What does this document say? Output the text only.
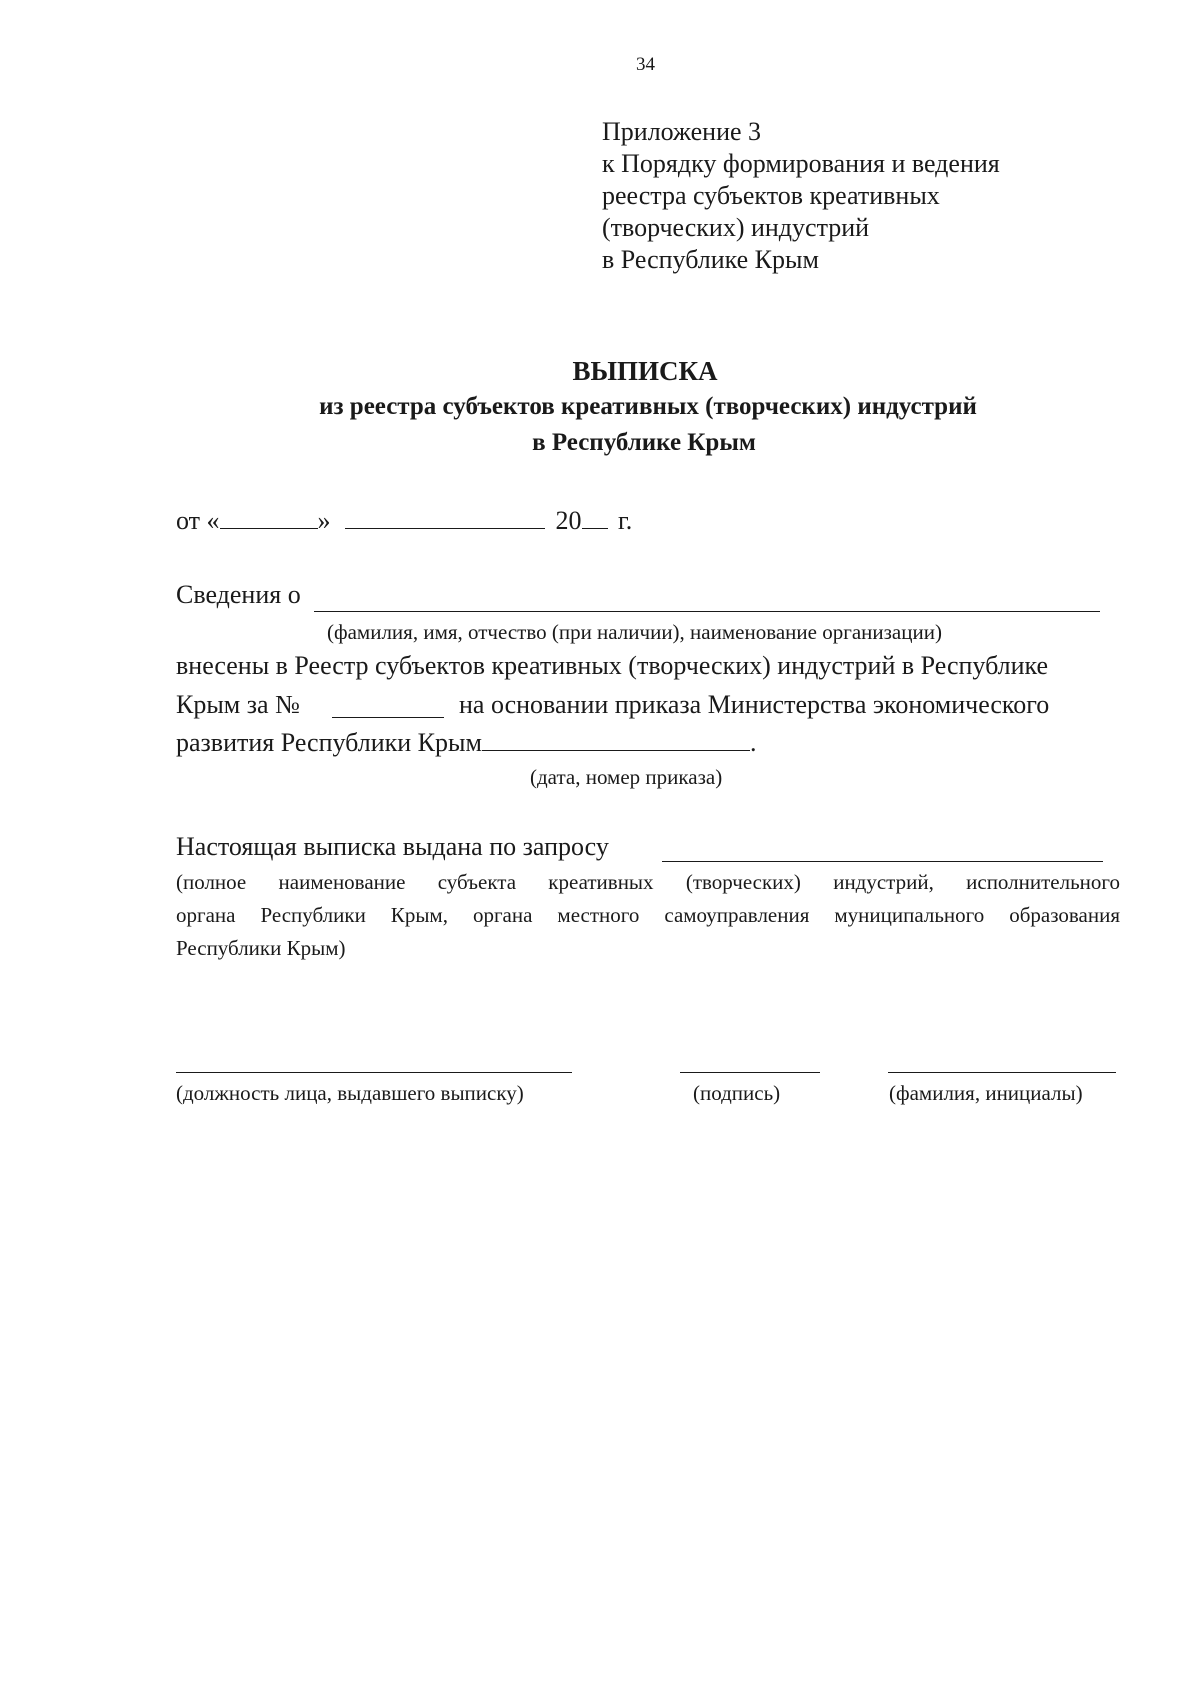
34
Приложение 3
к Порядку формирования и ведения
реестра субъектов креативных
(творческих) индустрий
в Республике Крым
ВЫПИСКА
из реестра субъектов креативных (творческих) индустрий
в Республике Крым
от «	»	20 г.
Сведения о
(фамилия, имя, отчество (при наличии), наименование организации)
внесены в Реестр субъектов креативных (творческих) индустрий в Республике
Крым за №	на основании приказа Министерства экономического
развития Республики Крым	.
(дата, номер приказа)
Настоящая выписка выдана по запросу
(полное наименование субъекта креативных (творческих) индустрий, исполнительного
органа Республики Крым, органа местного самоуправления муниципального образования
Республики Крым)
(должность лица, выдавшего выписку)	(подпись)	(фамилия, инициалы)
